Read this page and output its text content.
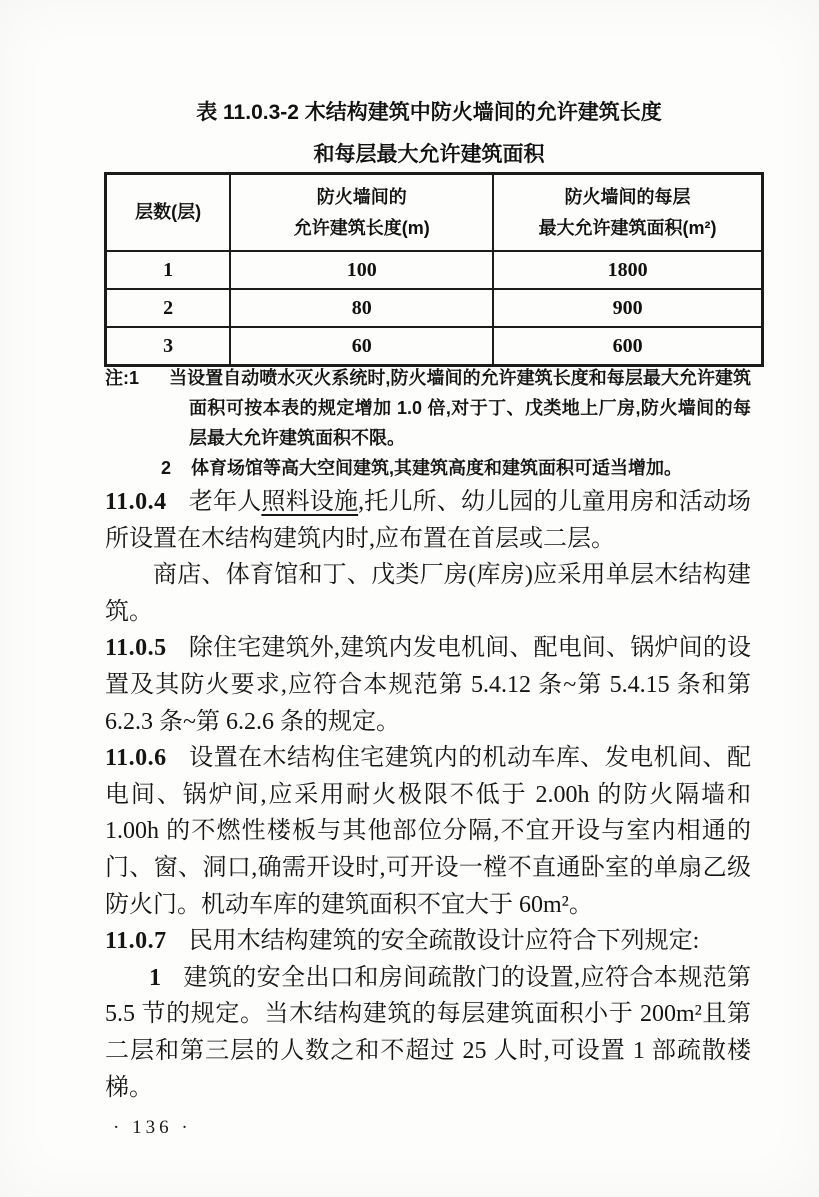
表 11.0.3-2 木结构建筑中防火墙间的允许建筑长度
和每层最大允许建筑面积
层数(层)

防火墙间的
允许建筑长度(m)

防火墙间的每层
最大允许建筑面积(m²)

1	100	1800
2	80	900
3	60	600

注:1 当设置自动喷水灭火系统时,防火墙间的允许建筑长度和每层最大允许建筑面积可按本表的规定增加 1.0 倍,对于丁、戊类地上厂房,防火墙间的每层最大允许建筑面积不限。

2 体育场馆等高大空间建筑,其建筑高度和建筑面积可适当增加。

11.0.4 老年人照料设施,托儿所、幼儿园的儿童用房和活动场所设置在木结构建筑内时,应布置在首层或二层。

商店、体育馆和丁、戊类厂房(库房)应采用单层木结构建筑。

11.0.5 除住宅建筑外,建筑内发电机间、配电间、锅炉间的设置及其防火要求,应符合本规范第 5.4.12 条~第 5.4.15 条和第 6.2.3 条~第 6.2.6 条的规定。

11.0.6 设置在木结构住宅建筑内的机动车库、发电机间、配电间、锅炉间,应采用耐火极限不低于 2.00h 的防火隔墙和 1.00h 的不燃性楼板与其他部位分隔,不宜开设与室内相通的门、窗、洞口,确需开设时,可开设一樘不直通卧室的单扇乙级防火门。机动车库的建筑面积不宜大于 60m²。

11.0.7 民用木结构建筑的安全疏散设计应符合下列规定:

1 建筑的安全出口和房间疏散门的设置,应符合本规范第 5.5 节的规定。当木结构建筑的每层建筑面积小于 200m²且第二层和第三层的人数之和不超过 25 人时,可设置 1 部疏散楼梯。

· 136 ·
